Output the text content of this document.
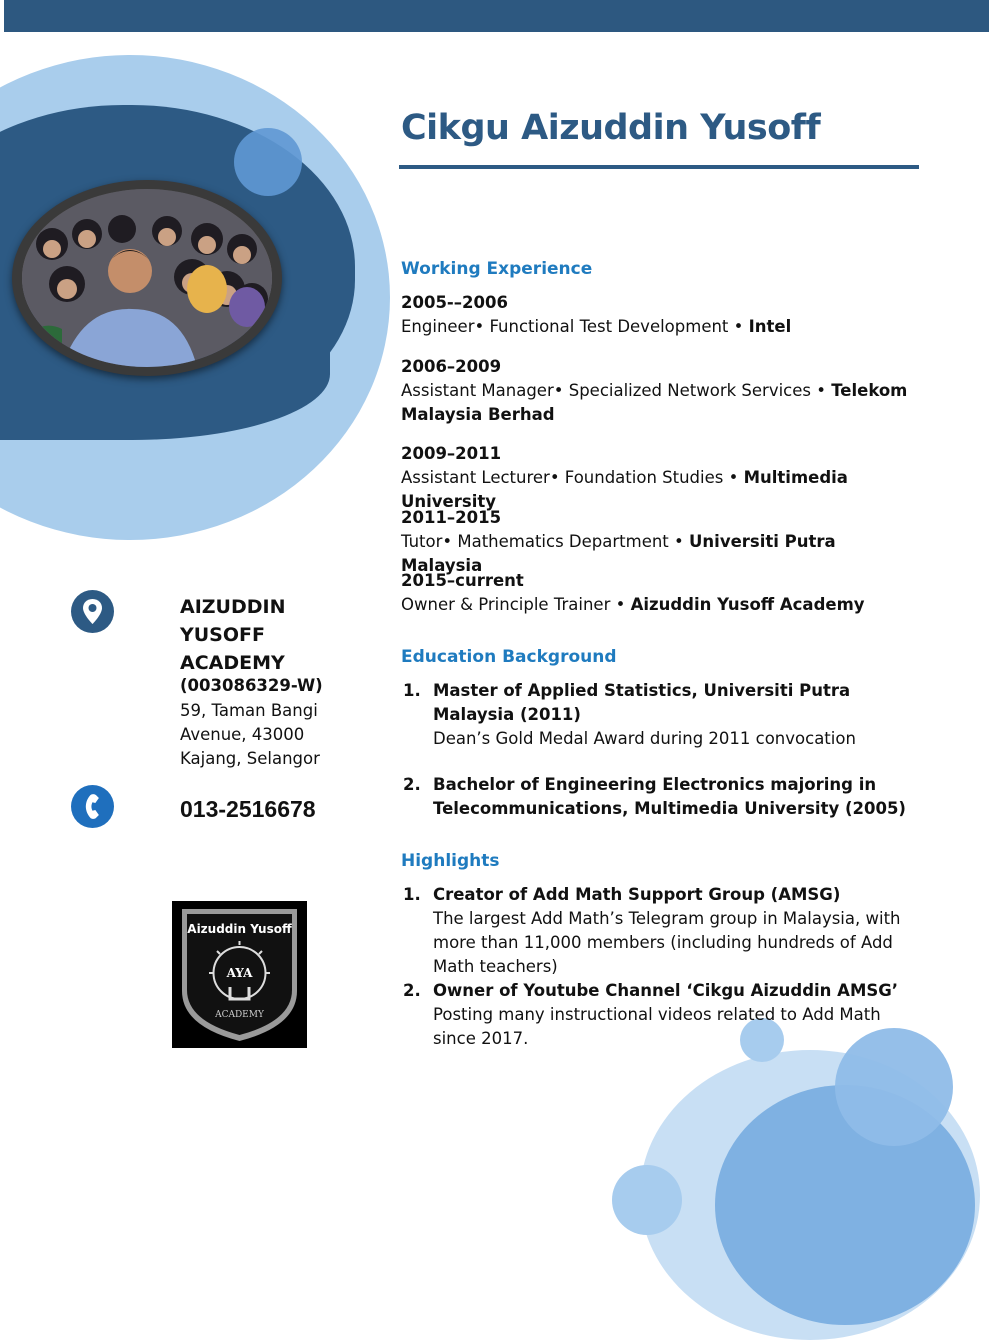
Cikgu Aizuddin Yusoff
Working Experience
2005-–2006
Engineer• Functional Test Development • Intel
2006–2009
Assistant Manager• Specialized Network Services • Telekom Malaysia Berhad
2009–2011
Assistant Lecturer• Foundation Studies • Multimedia University
2011–2015
Tutor• Mathematics Department • Universiti Putra Malaysia
2015–current
Owner & Principle Trainer • Aizuddin Yusoff Academy
Education Background
1. Master of Applied Statistics, Universiti Putra Malaysia (2011)
Dean’s Gold Medal Award during 2011 convocation
2. Bachelor of Engineering Electronics majoring in Telecommunications, Multimedia University (2005)
Highlights
1. Creator of Add Math Support Group (AMSG)
The largest Add Math’s Telegram group in Malaysia, with more than 11,000 members (including hundreds of Add Math teachers)
2. Owner of Youtube Channel ‘Cikgu Aizuddin AMSG’
Posting many instructional videos related to Add Math since 2017.
AIZUDDIN YUSOFF ACADEMY
(003086329-W)
59, Taman Bangi Avenue, 43000 Kajang, Selangor
013-2516678
Aizuddin Yusoff
AYA
ACADEMY
